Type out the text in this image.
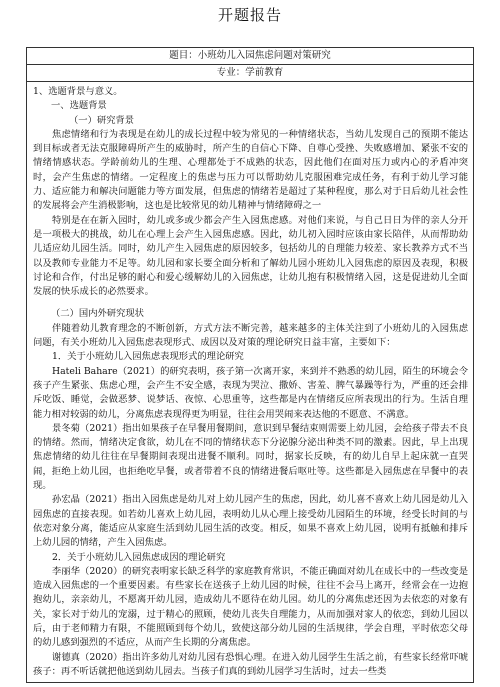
开题报告
题目：小班幼儿入园焦虑问题对策研究
专业：学前教育

1、选题背景与意义。

一、选题背景

（一）研究背景

焦虑情绪和行为表现是在幼儿的成长过程中较为常见的一种情绪状态，当幼儿发现自己的预期不能达到目标或者无法克服障碍所产生的威胁时，所产生的自信心下降、自尊心受挫、失败感增加、紧张不安的情绪情感状态。学龄前幼儿的生理、心理都处于不成熟的状态，因此他们在面对压力或内心的矛盾冲突时，会产生焦虑的情绪。一定程度上的焦虑与压力可以帮助幼儿克服困难完成任务，有利于幼儿学习能力、适应能力和解决问题能力等方面发展，但焦虑的情绪若是超过了某种程度，那么对于日后幼儿社会性的发展将会产生消极影响，这也是比较常见的幼儿精神与情绪障碍之一

特别是在在新入园时，幼儿或多或少都会产生入园焦虑感。对他们来说，与自己日日为伴的亲人分开是一项极大的挑战，幼儿在心理上会产生入园焦虑感。因此，幼儿初入园时应该由家长陪伴，从而帮助幼儿适应幼儿园生活。同时，幼儿产生入园焦虑的原因较多，包括幼儿的自理能力较差、家长教养方式不当以及教师专业能力不足等。幼儿园和家长要全面分析和了解幼儿园小班幼儿入园焦虑的原因及表现，积极讨论和合作，付出足够的耐心和爱心缓解幼儿的入园焦虑，让幼儿抱有积极情绪入园，这是促进幼儿全面发展的快乐成长的必然要求。

（二）国内外研究现状

伴随着幼儿教育理念的不断创新，方式方法不断完善，越来越多的主体关注到了小班幼儿的入园焦虑问题，有关小班幼儿入园焦虑表现形式、成因以及对策的理论研究日益丰富，主要如下：

1．关于小班幼儿入园焦虑表现形式的理论研究

Hateli Bahare（2021）的研究表明，孩子第一次离开家，来到并不熟悉的幼儿园，陌生的环境会令孩子产生紧张、焦虑心理，会产生不安全感，表现为哭泣、撒娇、害羞、脾气暴躁等行为，严重的还会排斥吃饭、睡觉，会做恶梦、说梦话、夜惊、心思重等，这些都是内在情绪反应所表现出的行为。生活自理能力相对较弱的幼儿，分离焦虑表现得更为明显，往往会用哭闹来表达他的不愿意、不满意。

景冬菊（2021）指出如果孩子在早餐用餐期间，意识到早餐结束则需要上幼儿园，会给孩子带去不良的情绪。然而，情绪决定食欲，幼儿在不同的情绪状态下分泌腺分泌出种类不同的激素。因此，早上出现焦虑情绪的幼儿往往在早餐期间表现出进餐不顺利。同时，据家长反映，有的幼儿自早上起床就一直哭闹，拒绝上幼儿园，也拒绝吃早餐，或者带着不良的情绪进餐后呕吐等。这些都是入园焦虑在早餐中的表现。

孙宏晶（2021）指出入园焦虑是幼儿对上幼儿园产生的焦虑，因此，幼儿喜不喜欢上幼儿园是幼儿入园焦虑的直接表现。如若幼儿喜欢上幼儿园，表明幼儿从心理上接受幼儿园陌生的环境，经受长时间的与依恋对象分离，能适应从家庭生活到幼儿园生活的改变。相反，如果不喜欢上幼儿园，说明有抵触和排斥上幼儿园的情绪，产生入园焦虑。

2．关于小班幼儿入园焦虑成因的理论研究

李丽华（2020）的研究表明家长缺乏科学的家庭教育常识，不能正确面对幼儿在成长中的一些改变是造成入园焦虑的一个重要因素。有些家长在送孩子上幼儿园的时候，往往不会马上离开，经常会在一边抱抱幼儿，亲亲幼儿，不愿离开幼儿园，造成幼儿不愿待在幼儿园。幼儿的分离焦虑还因为去依恋的对象有关，家长对于幼儿的宠溺，过于精心的照顾，使幼儿丧失自理能力，从而加强对家人的依恋，到幼儿园以后，由于老师精力有限，不能照顾到每个幼儿，致使这部分幼儿园的生活规律，学会自理，平时依恋父母的幼儿感到强烈的不适应，从而产生长期的分离焦虑。

谢德真（2020）指出许多幼儿对幼儿园有恐惧心理。在进入幼儿园学生生活之前，有些家长经常吓唬孩子：再不听话就把他送到幼儿园去。当孩子们真的到幼儿园学习生活时，过去一些类
